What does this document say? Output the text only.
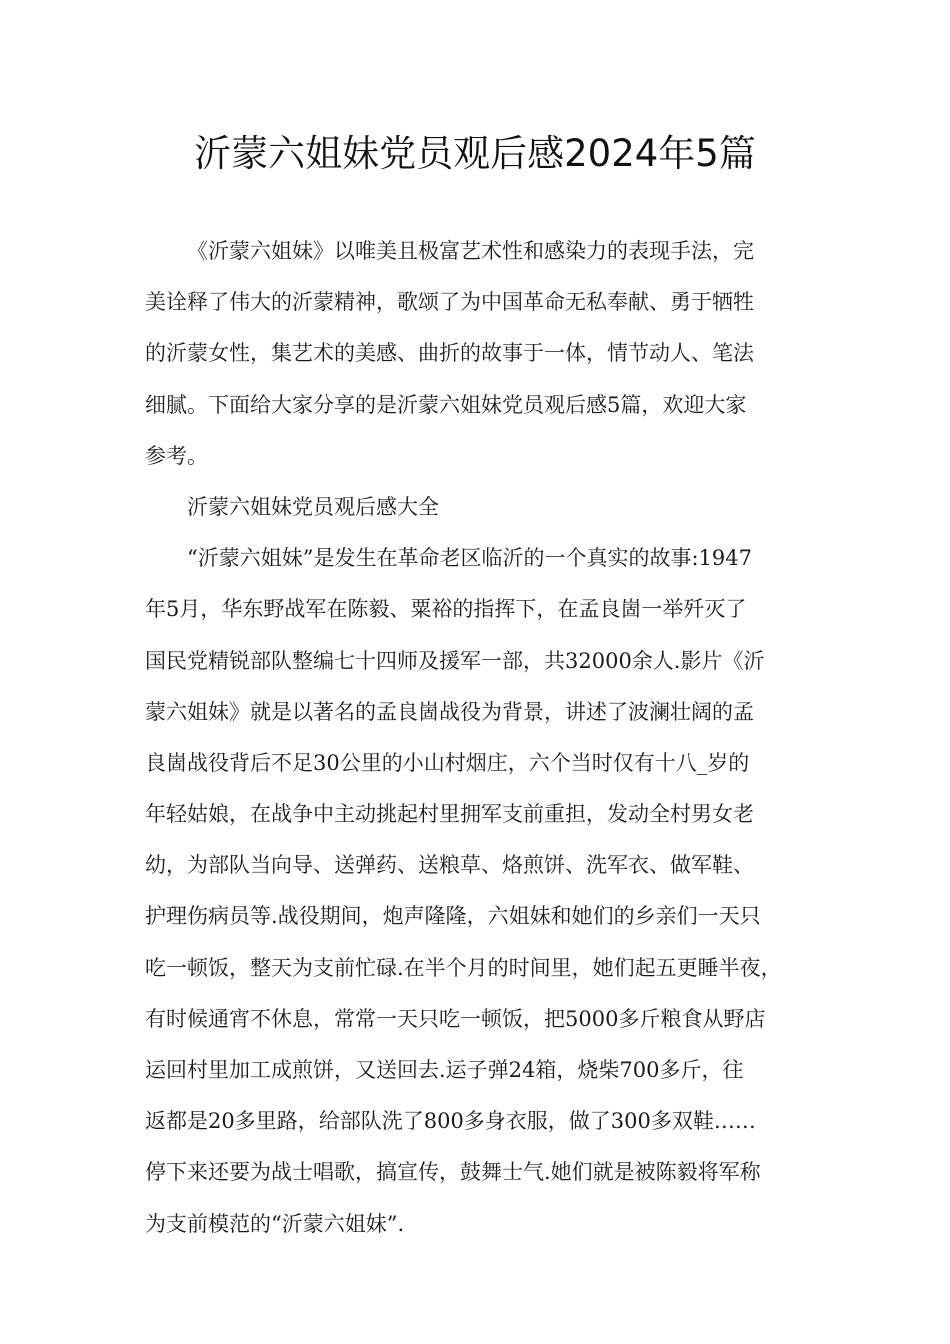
沂蒙六姐妹党员观后感2024年5篇
《沂蒙六姐妹》以唯美且极富艺术性和感染力的表现手法，完
美诠释了伟大的沂蒙精神，歌颂了为中国革命无私奉献、勇于牺牲
的沂蒙女性，集艺术的美感、曲折的故事于一体，情节动人、笔法
细腻。下面给大家分享的是沂蒙六姐妹党员观后感5篇，欢迎大家
参考。
沂蒙六姐妹党员观后感大全
“沂蒙六姐妹”是发生在革命老区临沂的一个真实的故事:1947
年5月，华东野战军在陈毅、粟裕的指挥下，在孟良崮一举歼灭了
国民党精锐部队整编七十四师及援军一部，共32000余人.影片《沂
蒙六姐妹》就是以著名的孟良崮战役为背景，讲述了波澜壮阔的孟
良崮战役背后不足30公里的小山村烟庄，六个当时仅有十八_岁的
年轻姑娘，在战争中主动挑起村里拥军支前重担，发动全村男女老
幼，为部队当向导、送弹药、送粮草、烙煎饼、洗军衣、做军鞋、
护理伤病员等.战役期间，炮声隆隆，六姐妹和她们的乡亲们一天只
吃一顿饭，整天为支前忙碌.在半个月的时间里，她们起五更睡半夜，
有时候通宵不休息，常常一天只吃一顿饭，把5000多斤粮食从野店
运回村里加工成煎饼，又送回去.运子弹24箱，烧柴700多斤，往
返都是20多里路，给部队洗了800多身衣服，做了300多双鞋……
停下来还要为战士唱歌，搞宣传，鼓舞士气.她们就是被陈毅将军称
为支前模范的“沂蒙六姐妹”.
